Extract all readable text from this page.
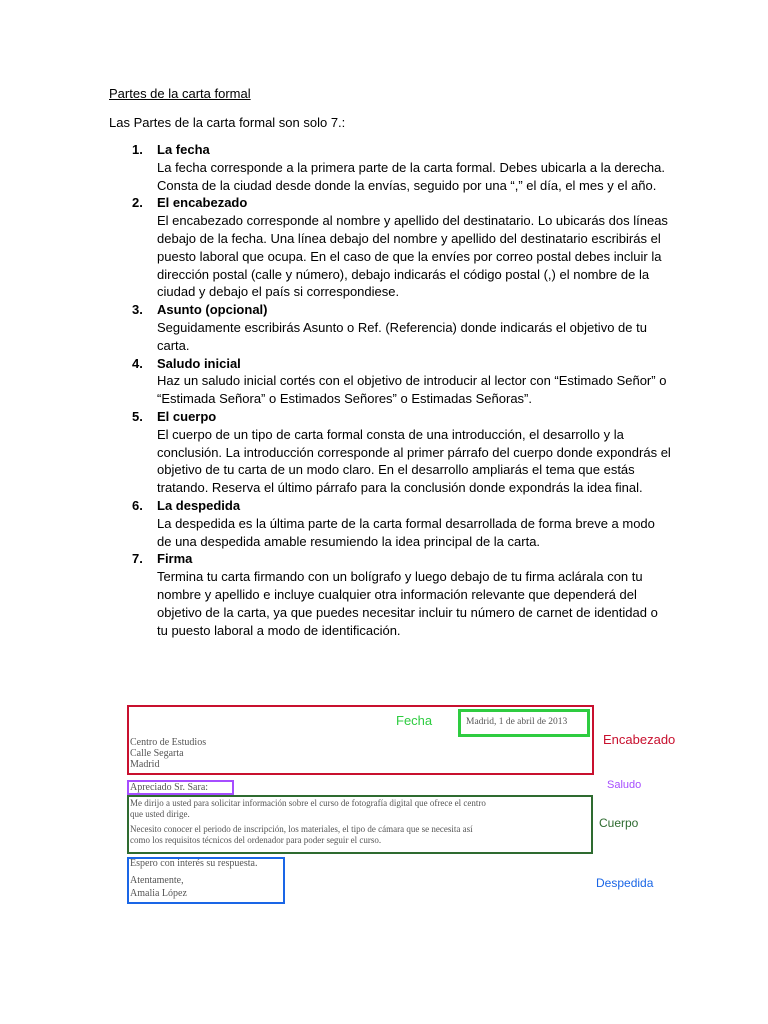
Partes de la carta formal
Las Partes de la carta formal son solo 7.:
1. La fecha
La fecha corresponde a la primera parte de la carta formal. Debes ubicarla a la derecha. Consta de la ciudad desde donde la envías, seguido por una “,” el día, el mes y el año.
2. El encabezado
El encabezado corresponde al nombre y apellido del destinatario. Lo ubicarás dos líneas debajo de la fecha. Una línea debajo del nombre y apellido del destinatario escribirás el puesto laboral que ocupa. En el caso de que la envíes por correo postal debes incluir la dirección postal (calle y número), debajo indicarás el código postal (,) el nombre de la ciudad y debajo el país si correspondiese.
3. Asunto (opcional)
Seguidamente escribirás Asunto o Ref. (Referencia) donde indicarás el objetivo de tu carta.
4. Saludo inicial
Haz un saludo inicial cortés con el objetivo de introducir al lector con “Estimado Señor” o “Estimada Señora” o Estimados Señores” o Estimadas Señoras”.
5. El cuerpo
El cuerpo de un tipo de carta formal consta de una introducción, el desarrollo y la conclusión. La introducción corresponde al primer párrafo del cuerpo donde expondrás el objetivo de tu carta de un modo claro. En el desarrollo ampliarás el tema que estás tratando. Reserva el último párrafo para la conclusión donde expondrás la idea final.
6. La despedida
La despedida es la última parte de la carta formal desarrollada de forma breve a modo de una despedida amable resumiendo la idea principal de la carta.
7. Firma
Termina tu carta firmando con un bolígrafo y luego debajo de tu firma aclárala con tu nombre y apellido e incluye cualquier otra información relevante que dependerá del objetivo de la carta, ya que puedes necesitar incluir tu número de carnet de identidad o tu puesto laboral a modo de identificación.
Madrid, 1 de abril de 2013
Fecha
Centro de Estudios
Calle Segarta
Madrid
Encabezado
Apreciado Sr. Sara:	Saludo
Me dirijo a usted para solicitar información sobre el curso de fotografía digital que ofrece el centro
que usted dirige.
Necesito conocer el periodo de inscripción, los materiales, el tipo de cámara que se necesita así
como los requisitos técnicos del ordenador para poder seguir el curso.
Cuerpo
Espero con interés su respuesta.
Atentamente,
Amalia López
Despedida
